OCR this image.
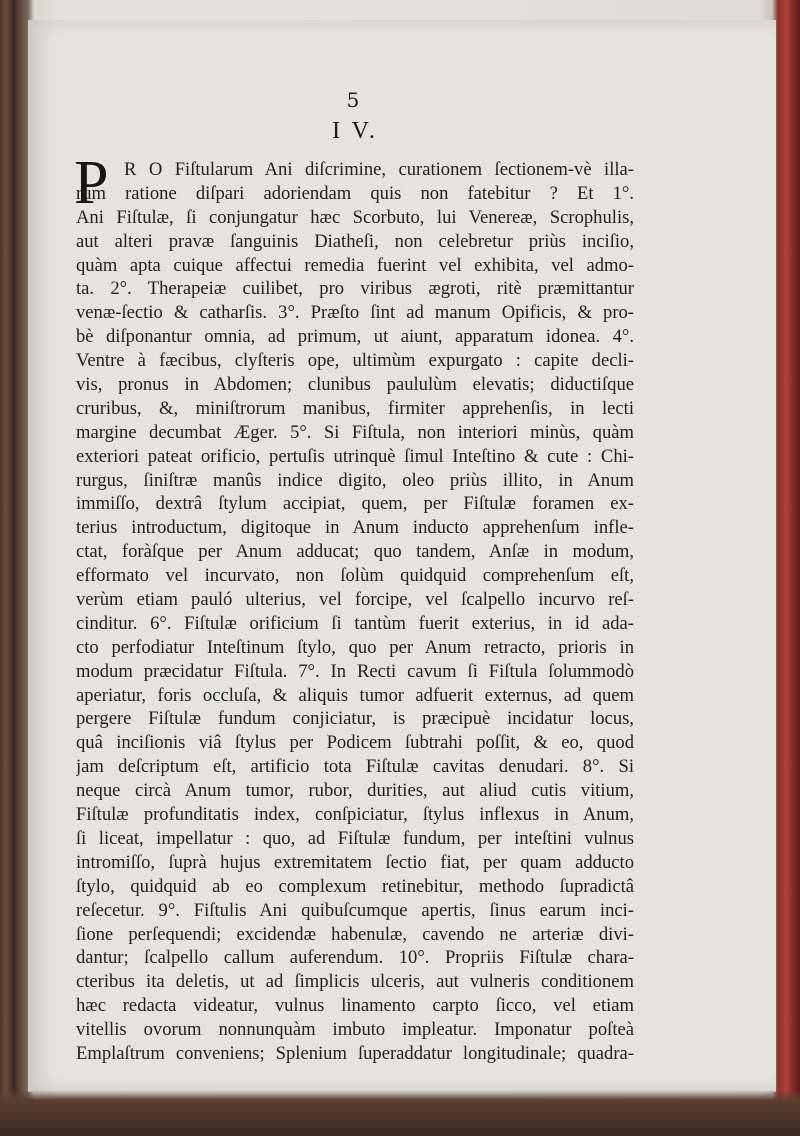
5
I V.
P R O Fiſtularum Ani diſcrimine, curationem ſectionem-vè illa-
rum ratione diſpari adoriendam quis non fatebitur ? Et 1°.
Ani Fiſtulæ, ſi conjungatur hæc Scorbuto, lui Venereæ, Scrophulis,
aut alteri pravæ ſanguinis Diatheſi, non celebretur priùs inciſio,
quàm apta cuique affectui remedia fuerint vel exhibita, vel admo-
ta. 2°. Therapeiæ cuilibet, pro viribus ægroti, ritè præmittantur
venæ-ſectio & catharſis. 3°. Præſto ſint ad manum Opificis, & pro-
bè diſponantur omnia, ad primum, ut aiunt, apparatum idonea. 4°.
Ventre à fæcibus, clyſteris ope, ultimùm expurgato : capite decli-
vis, pronus in Abdomen; clunibus paululùm elevatis; diductiſque
cruribus, &, miniſtrorum manibus, firmiter apprehenſis, in lecti
margine decumbat Æger. 5°. Si Fiſtula, non interiori minùs, quàm
exteriori pateat orificio, pertuſis utrinquè ſimul Inteſtino & cute : Chi-
rurgus, ſiniſtræ manûs indice digito, oleo priùs illito, in Anum
immiſſo, dextrâ ſtylum accipiat, quem, per Fiſtulæ foramen ex-
terius introductum, digitoque in Anum inducto apprehenſum infle-
ctat, foràſque per Anum adducat; quo tandem, Anſæ in modum,
efformato vel incurvato, non ſolùm quidquid comprehenſum eſt,
verùm etiam pauló ulterius, vel forcipe, vel ſcalpello incurvo reſ-
cinditur. 6°. Fiſtulæ orificium ſi tantùm fuerit exterius, in id ada-
cto perfodiatur Inteſtinum ſtylo, quo per Anum retracto, prioris in
modum præcidatur Fiſtula. 7°. In Recti cavum ſi Fiſtula ſolummodò
aperiatur, foris occluſa, & aliquis tumor adfuerit externus, ad quem
pergere Fiſtulæ fundum conjiciatur, is præcipuè incidatur locus,
quâ inciſionis viâ ſtylus per Podicem ſubtrahi poſſit, & eo, quod
jam deſcriptum eſt, artificio tota Fiſtulæ cavitas denudari. 8°. Si
neque circà Anum tumor, rubor, durities, aut aliud cutis vitium,
Fiſtulæ profunditatis index, conſpiciatur, ſtylus inflexus in Anum,
ſi liceat, impellatur : quo, ad Fiſtulæ fundum, per inteſtini vulnus
intromiſſo, ſuprà hujus extremitatem ſectio fiat, per quam adducto
ſtylo, quidquid ab eo complexum retinebitur, methodo ſupradictâ
reſecetur. 9°. Fiſtulis Ani quibuſcumque apertis, ſinus earum inci-
ſione perſequendi; excidendæ habenulæ, cavendo ne arteriæ divi-
dantur; ſcalpello callum auferendum. 10°. Propriis Fiſtulæ chara-
cteribus ita deletis, ut ad ſimplicis ulceris, aut vulneris conditionem
hæc redacta videatur, vulnus linamento carpto ſicco, vel etiam
vitellis ovorum nonnunquàm imbuto impleatur. Imponatur poſteà
Emplaſtrum conveniens; Splenium ſuperaddatur longitudinale; quadra-
